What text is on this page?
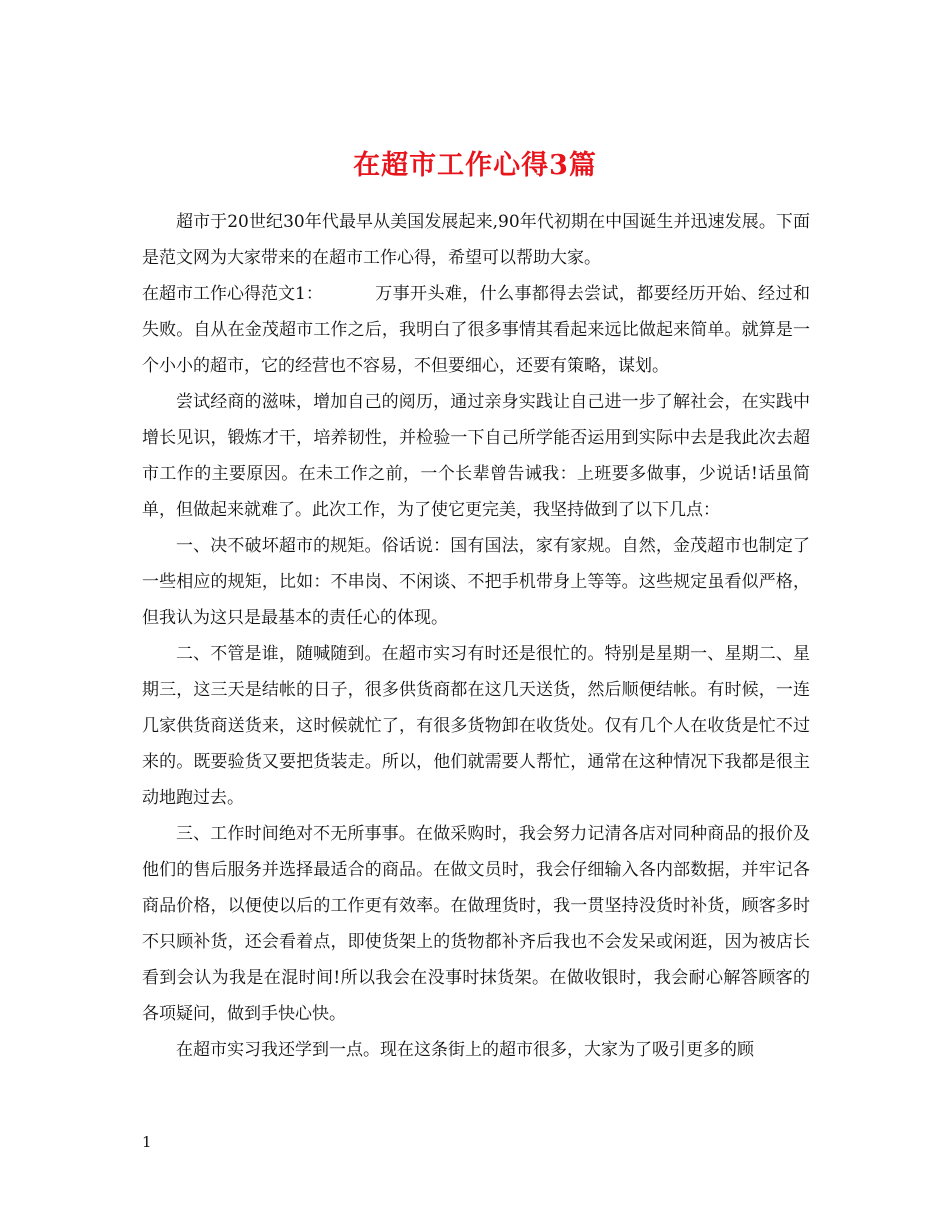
在超市工作心得3篇

超市于20世纪30年代最早从美国发展起来,90年代初期在中国诞生并迅速发展。下面是范文网为大家带来的在超市工作心得，希望可以帮助大家。

在超市工作心得范文1：	万事开头难，什么事都得去尝试，都要经历开始、经过和失败。自从在金茂超市工作之后，我明白了很多事情其看起来远比做起来简单。就算是一个小小的超市，它的经营也不容易，不但要细心，还要有策略，谋划。

尝试经商的滋味，增加自己的阅历，通过亲身实践让自己进一步了解社会，在实践中增长见识，锻炼才干，培养韧性，并检验一下自己所学能否运用到实际中去是我此次去超市工作的主要原因。在未工作之前，一个长辈曾告诫我：上班要多做事，少说话!话虽简单，但做起来就难了。此次工作，为了使它更完美，我坚持做到了以下几点：

一、决不破坏超市的规矩。俗话说：国有国法，家有家规。自然，金茂超市也制定了一些相应的规矩，比如：不串岗、不闲谈、不把手机带身上等等。这些规定虽看似严格，但我认为这只是最基本的责任心的体现。

二、不管是谁，随喊随到。在超市实习有时还是很忙的。特别是星期一、星期二、星期三，这三天是结帐的日子，很多供货商都在这几天送货，然后顺便结帐。有时候，一连几家供货商送货来，这时候就忙了，有很多货物卸在收货处。仅有几个人在收货是忙不过来的。既要验货又要把货装走。所以，他们就需要人帮忙，通常在这种情况下我都是很主动地跑过去。

三、工作时间绝对不无所事事。在做采购时，我会努力记清各店对同种商品的报价及他们的售后服务并选择最适合的商品。在做文员时，我会仔细输入各内部数据，并牢记各商品价格，以便使以后的工作更有效率。在做理货时，我一贯坚持没货时补货，顾客多时不只顾补货，还会看着点，即使货架上的货物都补齐后我也不会发呆或闲逛，因为被店长看到会认为我是在混时间!所以我会在没事时抹货架。在做收银时，我会耐心解答顾客的各项疑问，做到手快心快。

在超市实习我还学到一点。现在这条街上的超市很多，大家为了吸引更多的顾

1
